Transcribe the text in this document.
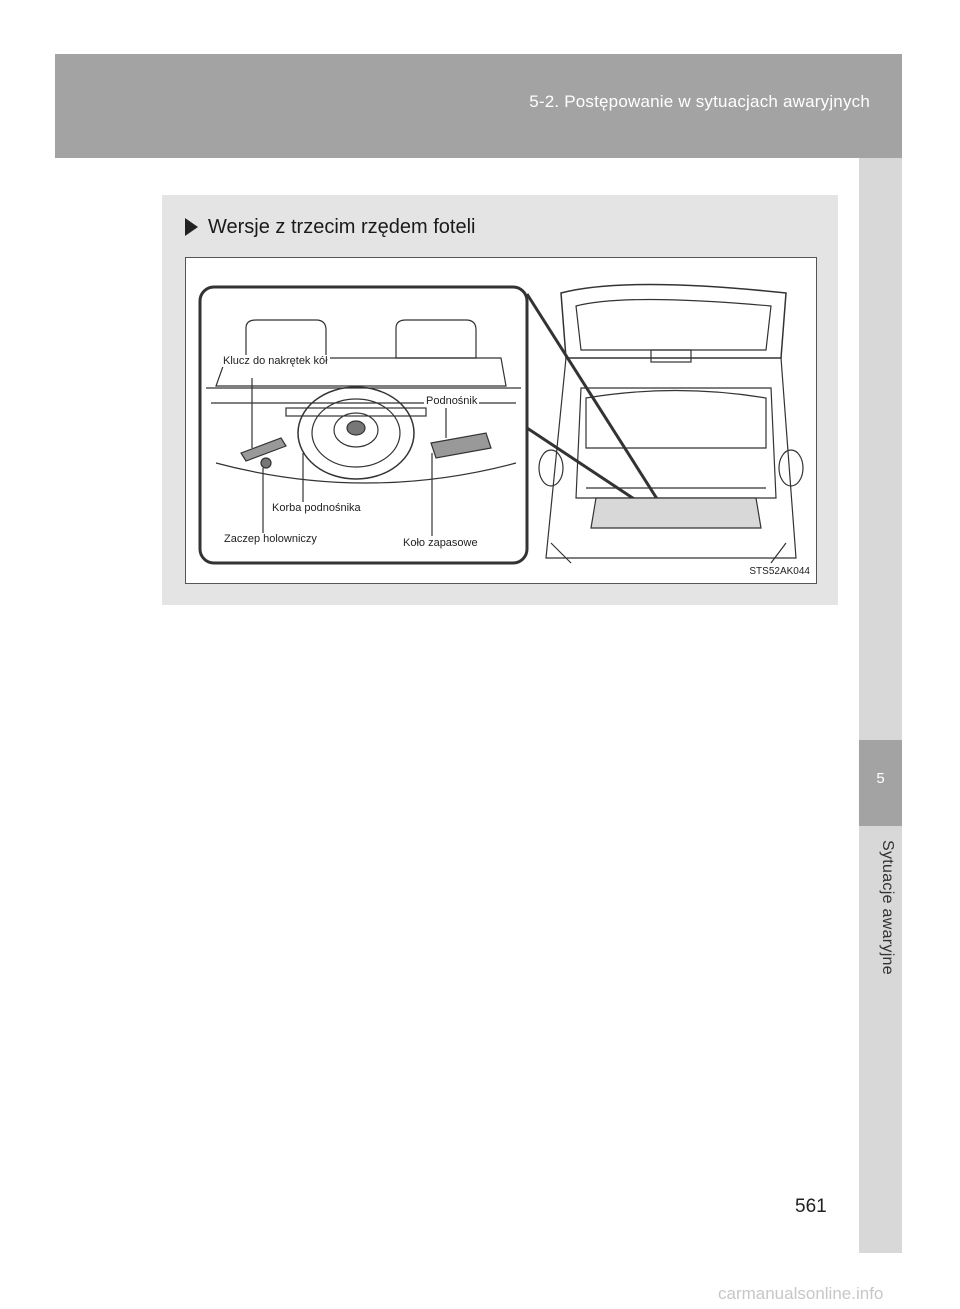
5-2. Postępowanie w sytuacjach awaryjnych
5
Sytuacje awaryjne
Wersje z trzecim rzędem foteli
Klucz do nakrętek kół
Podnośnik
Korba podnośnika
Zaczep holowniczy	Koło zapasowe
STS52AK044
561
carmanualsonline.info
